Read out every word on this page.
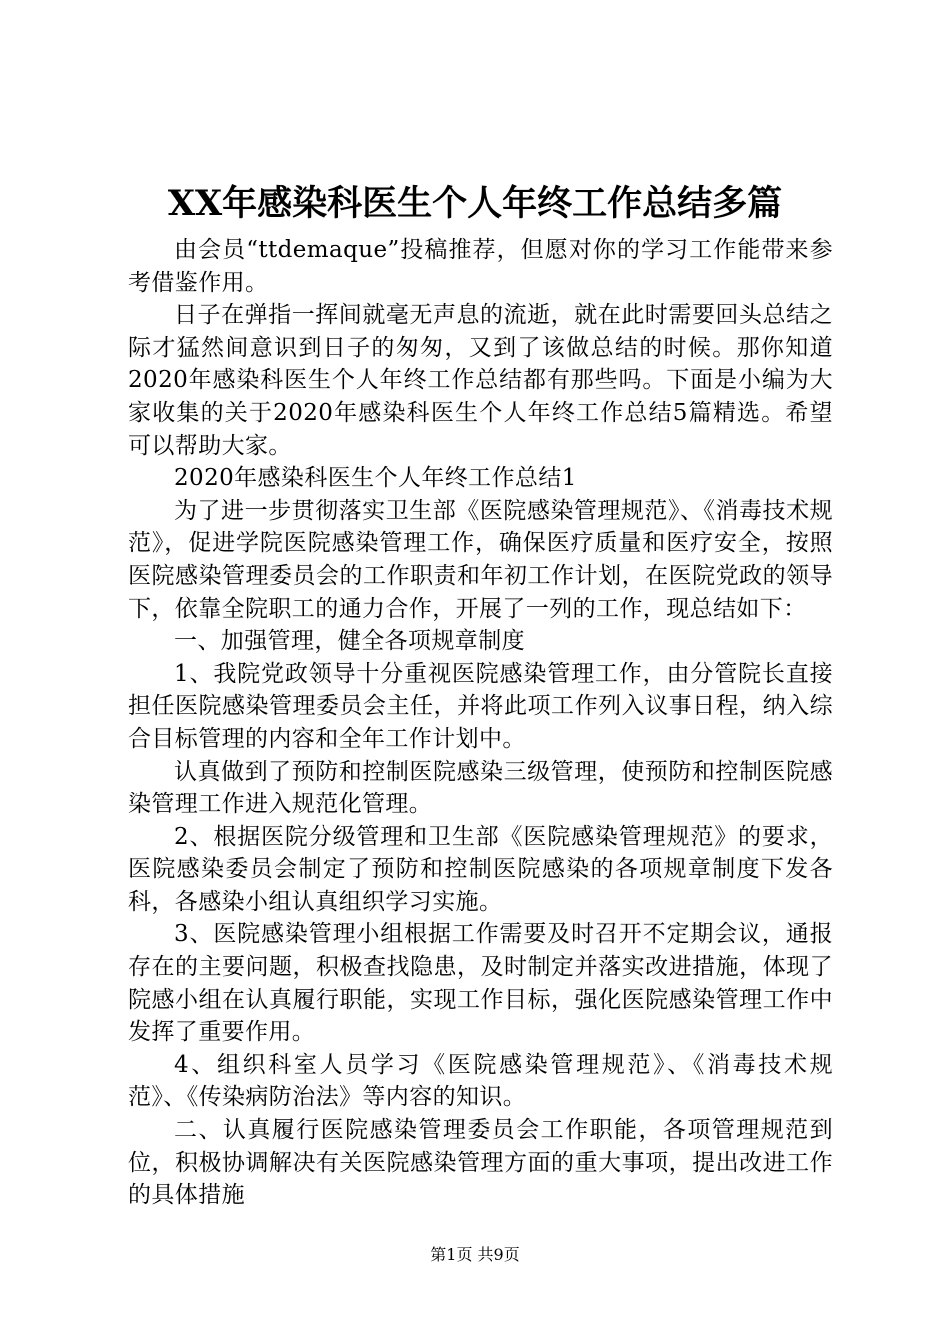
XX年感染科医生个人年终工作总结多篇

由会员“ttdemaque”投稿推荐，但愿对你的学习工作能带来参考借鉴作用。

日子在弹指一挥间就毫无声息的流逝，就在此时需要回头总结之际才猛然间意识到日子的匆匆，又到了该做总结的时候。那你知道2020年感染科医生个人年终工作总结都有那些吗。下面是小编为大家收集的关于2020年感染科医生个人年终工作总结5篇精选。希望可以帮助大家。

2020年感染科医生个人年终工作总结1

为了进一步贯彻落实卫生部《医院感染管理规范》、《消毒技术规范》，促进学院医院感染管理工作，确保医疗质量和医疗安全，按照医院感染管理委员会的工作职责和年初工作计划，在医院党政的领导下，依靠全院职工的通力合作，开展了一列的工作，现总结如下：

一、加强管理，健全各项规章制度

1、我院党政领导十分重视医院感染管理工作，由分管院长直接担任医院感染管理委员会主任，并将此项工作列入议事日程，纳入综合目标管理的内容和全年工作计划中。

认真做到了预防和控制医院感染三级管理，使预防和控制医院感染管理工作进入规范化管理。

2、根据医院分级管理和卫生部《医院感染管理规范》的要求，医院感染委员会制定了预防和控制医院感染的各项规章制度下发各科，各感染小组认真组织学习实施。

3、医院感染管理小组根据工作需要及时召开不定期会议，通报存在的主要问题，积极查找隐患，及时制定并落实改进措施，体现了院感小组在认真履行职能，实现工作目标，强化医院感染管理工作中发挥了重要作用。

4、组织科室人员学习《医院感染管理规范》、《消毒技术规范》、《传染病防治法》等内容的知识。

二、认真履行医院感染管理委员会工作职能，各项管理规范到位，积极协调解决有关医院感染管理方面的重大事项，提出改进工作的具体措施

第1页 共9页
